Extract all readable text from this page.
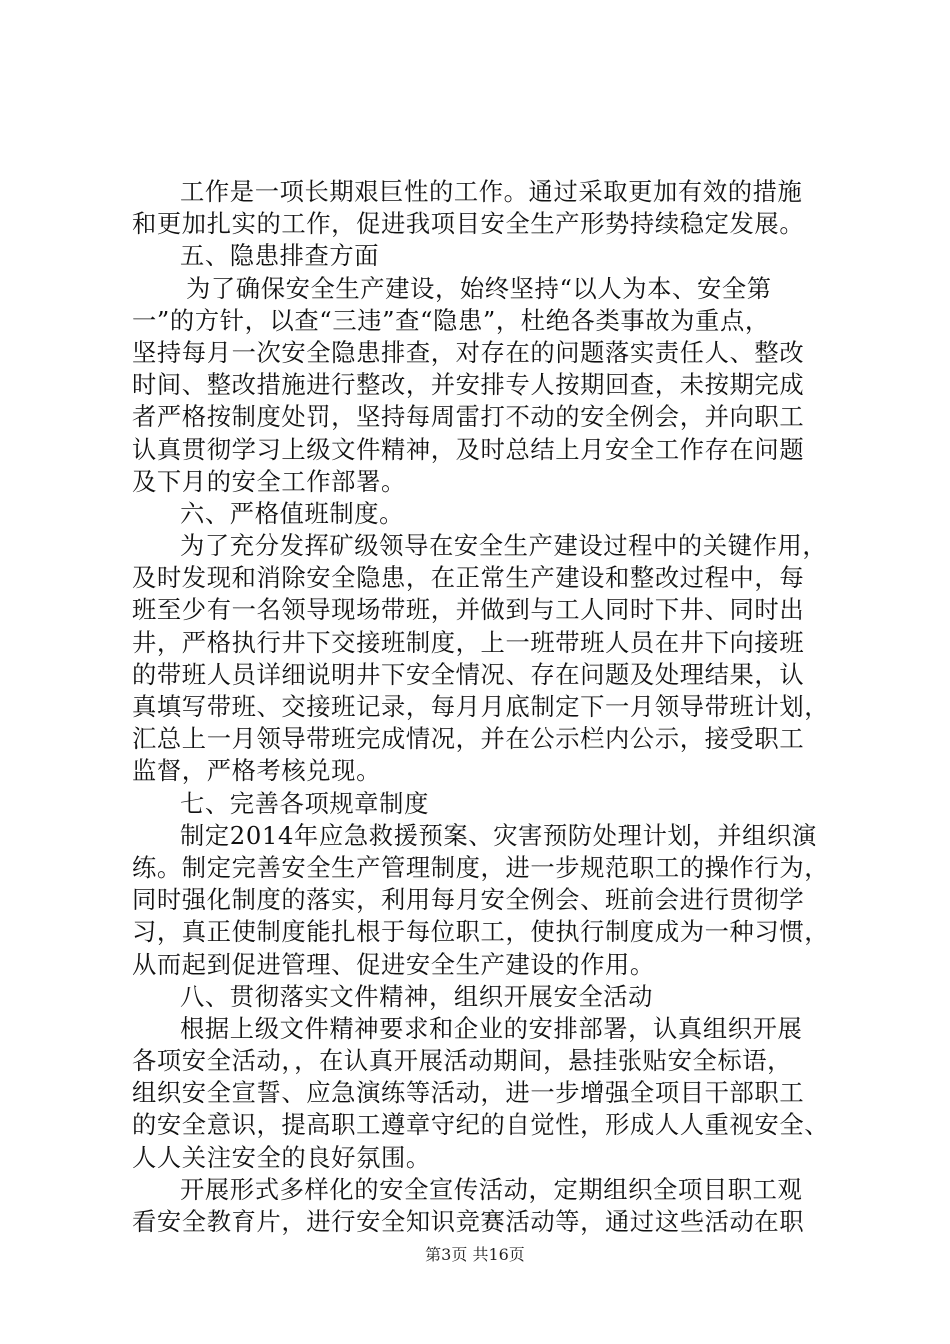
工作是一项长期艰巨性的工作。通过采取更加有效的措施
和更加扎实的工作，促进我项目安全生产形势持续稳定发展。
五、隐患排查方面
为了确保安全生产建设，始终坚持“以人为本、安全第
一”的方针，以查“三违”查“隐患”，杜绝各类事故为重点，
坚持每月一次安全隐患排查，对存在的问题落实责任人、整改
时间、整改措施进行整改，并安排专人按期回查，未按期完成
者严格按制度处罚，坚持每周雷打不动的安全例会，并向职工
认真贯彻学习上级文件精神，及时总结上月安全工作存在问题
及下月的安全工作部署。
六、严格值班制度。
为了充分发挥矿级领导在安全生产建设过程中的关键作用，
及时发现和消除安全隐患，在正常生产建设和整改过程中，每
班至少有一名领导现场带班，并做到与工人同时下井、同时出
井，严格执行井下交接班制度，上一班带班人员在井下向接班
的带班人员详细说明井下安全情况、存在问题及处理结果，认
真填写带班、交接班记录，每月月底制定下一月领导带班计划，
汇总上一月领导带班完成情况，并在公示栏内公示，接受职工
监督，严格考核兑现。
七、完善各项规章制度
制定2014年应急救援预案、灾害预防处理计划，并组织演
练。制定完善安全生产管理制度，进一步规范职工的操作行为，
同时强化制度的落实，利用每月安全例会、班前会进行贯彻学
习，真正使制度能扎根于每位职工，使执行制度成为一种习惯，
从而起到促进管理、促进安全生产建设的作用。
八、贯彻落实文件精神，组织开展安全活动
根据上级文件精神要求和企业的安排部署，认真组织开展
各项安全活动，，在认真开展活动期间，悬挂张贴安全标语，
组织安全宣誓、应急演练等活动，进一步增强全项目干部职工
的安全意识，提高职工遵章守纪的自觉性，形成人人重视安全、
人人关注安全的良好氛围。
开展形式多样化的安全宣传活动，定期组织全项目职工观
看安全教育片，进行安全知识竞赛活动等，通过这些活动在职
第3页 共16页
